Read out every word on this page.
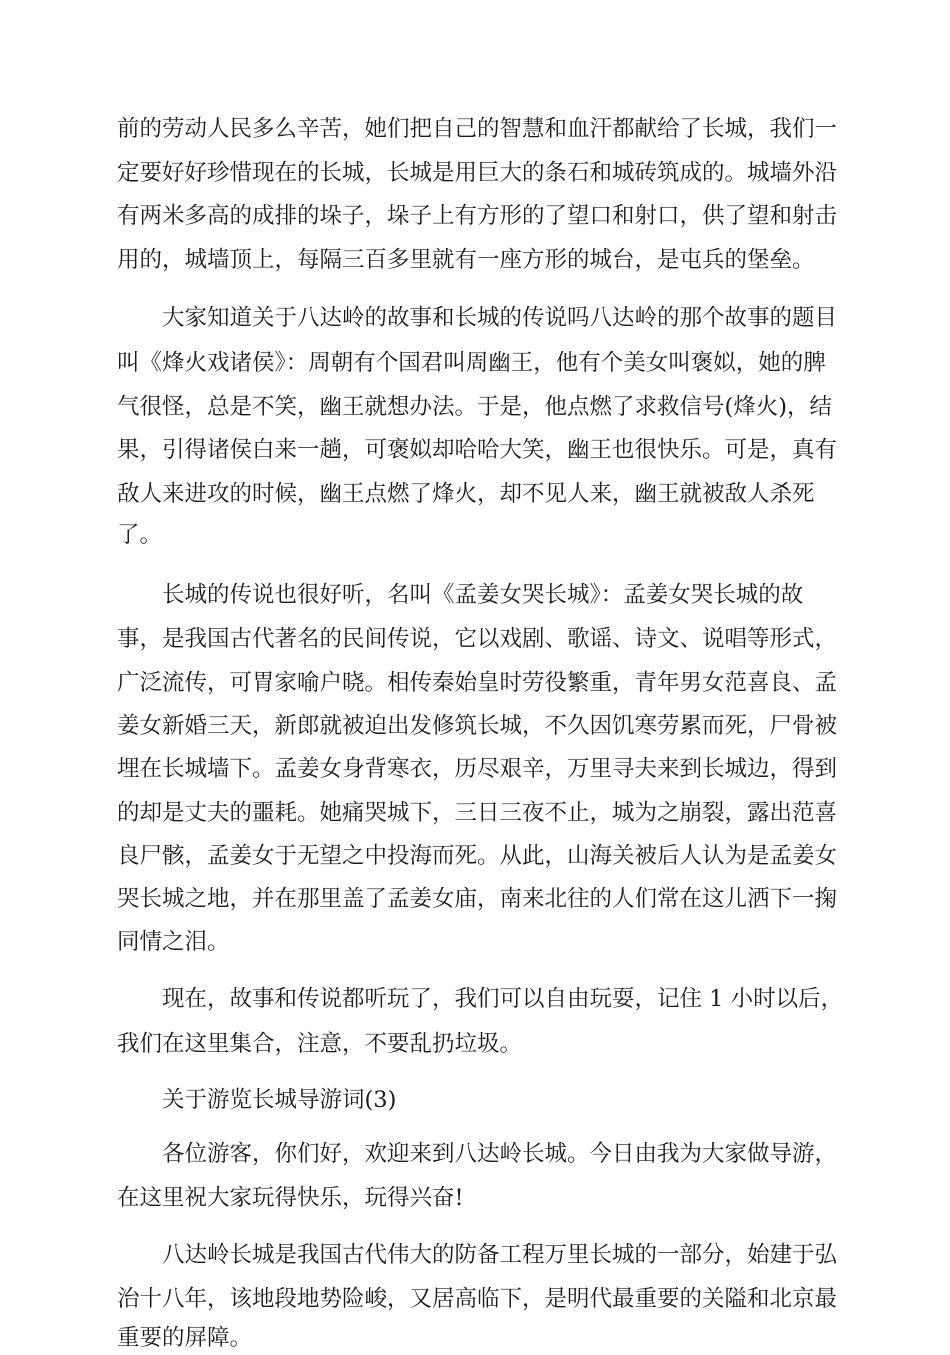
前的劳动人民多么辛苦，她们把自己的智慧和血汗都献给了长城，我们一
定要好好珍惜现在的长城，长城是用巨大的条石和城砖筑成的。城墙外沿
有两米多高的成排的垛子，垛子上有方形的了望口和射口，供了望和射击
用的，城墙顶上，每隔三百多里就有一座方形的城台，是屯兵的堡垒。
大家知道关于八达岭的故事和长城的传说吗八达岭的那个故事的题目
叫《烽火戏诸侯》：周朝有个国君叫周幽王，他有个美女叫褒姒，她的脾
气很怪，总是不笑，幽王就想办法。于是，他点燃了求救信号(烽火)，结
果，引得诸侯白来一趟，可褒姒却哈哈大笑，幽王也很快乐。可是，真有
敌人来进攻的时候，幽王点燃了烽火，却不见人来，幽王就被敌人杀死
了。
长城的传说也很好听，名叫《孟姜女哭长城》：孟姜女哭长城的故
事，是我国古代著名的民间传说，它以戏剧、歌谣、诗文、说唱等形式，
广泛流传，可胃家喻户晓。相传秦始皇时劳役繁重，青年男女范喜良、孟
姜女新婚三天，新郎就被迫出发修筑长城，不久因饥寒劳累而死，尸骨被
埋在长城墙下。孟姜女身背寒衣，历尽艰辛，万里寻夫来到长城边，得到
的却是丈夫的噩耗。她痛哭城下，三日三夜不止，城为之崩裂，露出范喜
良尸骸，孟姜女于无望之中投海而死。从此，山海关被后人认为是孟姜女
哭长城之地，并在那里盖了孟姜女庙，南来北往的人们常在这儿洒下一掬
同情之泪。
现在，故事和传说都听玩了，我们可以自由玩耍，记住 1 小时以后，
我们在这里集合，注意，不要乱扔垃圾。
关于游览长城导游词(3)
各位游客，你们好，欢迎来到八达岭长城。今日由我为大家做导游，
在这里祝大家玩得快乐，玩得兴奋!
八达岭长城是我国古代伟大的防备工程万里长城的一部分，始建于弘
治十八年，该地段地势险峻，又居高临下，是明代最重要的关隘和北京最
重要的屏障。
